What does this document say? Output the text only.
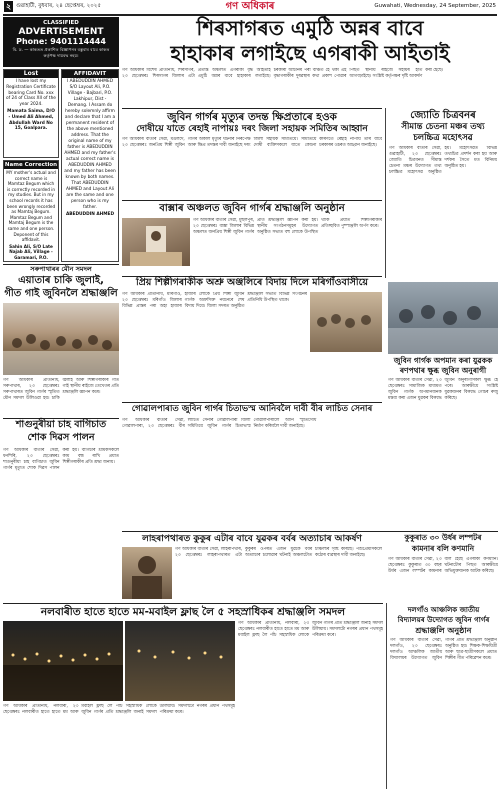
২ গুৱাহাটী, বুধবাৰ, ২৪ ছেপ্তেম্বৰ, ২০২৫	গণ অধিকাৰ	Guwahati, Wednesday, 24 September, 2025
CLASSIFIED
ADVERTISEMENT
Phone: 9401114444
বি. দ্ৰ. — কাকতত প্ৰকাশিত বিজ্ঞাপনৰ বস্তুবাৰ বাবে কাকত কৰ্তৃপক্ষ দায়বদ্ধ নহয়।
Lost
I have lost my Registration Certificate bearing Card No. xxx of 24 of Class XII of the year 2024.
Mamata Saima, D/O - Umed Ali Ahmed, Abdullah Ward No 15, Goalpara.
Name Correction
MY mother's actual and correct name is Mamtaz Begum which is correctly recorded in my studies. But in my school records it has been wrongly recorded as Mamtaj Begum. Mamtaz Begum and Mamtaj Begum is the same and one person. Deponent of this affidavit.
Sahin Ali, S/O Late Najab Ali, Village - Garamari, P.O.
AFFIDAVIT
I ABEDUDDIN AHMED S/O Layout Ali, P.O. Village - Bajbari, P.O. Lakhipur, Dist - Demang. I Assam do hereby solemnly affirm and declare that I am a permanent resident of the above mentioned address. That the original name of my father is ABEDUDDIN AHMED and my father's actual correct name is ABEDUDDIN AHMED and my father has been known by both names. That ABEDUDDIN AHMED and Layout Ali are the same and one person who is my father.
ABEDUDDIN AHMED
সৰুপাথাৰৰ মৌন সমদল
এয়াতাৰ চাকি জুলাই,
গীত গাই জুবিনলৈ শ্ৰদ্ধাঞ্জলি
গণ অধিকাৰ প্ৰতিনিধি, সৰুপাথাৰ, ২৩ ছেপ্তেম্বৰঃ সৰুপাথাৰত জুবিন গাৰ্গৰ স্মৃতিত মৌন সমদল উলিওৱা হয়। চাকি জ্বলাই আৰু শিল্পীগৰাকীৰ গীত গাই স্থানীয় ৰাইজে তেখেতৰ প্ৰতি শ্ৰদ্ধাঞ্জলি জ্ঞাপন কৰে।
শিৰসাগৰত এমুঠি অন্নৰ বাবে
হাহাকাৰ লগাইছে এগৰাকী আইতাই
গণ অধিকাৰ বিশেষ প্ৰতিনিধি, শিৰসাগৰ, ২৩ ছেপ্তেম্বৰঃ শিৰসাগৰ জিলাৰ এটা প্ৰত্যন্ত অঞ্চলত এগৰাকী বৃদ্ধ আইতাই এমুঠি অন্নৰ বাবে হাহাকাৰ লগাইছে। চৰকাৰী আঁচনিৰ পৰা বঞ্চিত হৈ থকা এই বৃদ্ধাগৰাকীৰ দুৰৱস্থাৰ কথা প্ৰকাশ পোৱাৰ পিছত স্থানীয় ৰাইজে সহায়ৰ হাত আগবঢ়াইছে। সংশ্লিষ্ট কৰ্তৃপক্ষৰ দৃষ্টি আকৰ্ষণ কৰা হৈছে।
জুবিন গাৰ্গৰ মৃত্যুৰ তদন্ত ক্ষিপ্ৰতাৰে হওক
দোষীয়ে যাতে ৰেহাই নাপায়ঃ দৰং জিলা সহায়ক সমিতিৰ আহ্বান
গণ অধিকাৰ বাতৰি সেৱা, মঙলদৈ, ২৩ ছেপ্তেম্বৰঃ জনপ্ৰিয় শিল্পী জুবিন গাৰ্গৰ অকাল মৃত্যুৰ ঘটনাৰ নিৰপেক্ষ আৰু ক্ষিপ্ৰ তদন্তৰ দাবী জনাইছে দৰং জিলা সহায়ক সমিতিয়ে। সমিতিয়ে দোষী ব্যক্তিসকলে যাতে কোনো কাৰণতে ৰেহাই নাপায় তাৰ বাবে চৰকাৰৰ ওচৰত আহ্বান জনাইছে।
জ্যোতি চিত্ৰবনৰ
সীমান্ত চেতনা মঞ্চৰ তথ্য
চলচ্চিত্ৰ মহোৎসৱ
গণ অধিকাৰ বাতৰি সেৱা, গুৱাহাটী, ২৩ ছেপ্তেম্বৰঃ জ্যোতি চিত্ৰবনত সীমান্ত চেতনা মঞ্চৰ উদ্যোগত তথ্য চলচ্চিত্ৰ মহোৎসৱ অনুষ্ঠিত হয়। মহোৎসৱত বিভিন্ন তথ্যচিত্ৰ প্ৰদৰ্শন কৰা হয় আৰু দৰ্শকৰ সৈতে মত বিনিময় অনুষ্ঠিত হয়।
বাক্সাৰ অঞ্চলত জুবিন গাৰ্গৰ শ্ৰদ্ধাঞ্জলি অনুষ্ঠান
গণ অধিকাৰ বাতৰি সেৱা, মুছলপুৰ, ২৩ ছেপ্তেম্বৰঃ বাক্সা জিলাৰ বিভিন্ন অঞ্চলত জনপ্ৰিয় শিল্পী জুবিন গাৰ্গৰ প্ৰতি শ্ৰদ্ধাঞ্জলি জ্ঞাপন কৰা হয়। স্থানীয় সংগঠনসমূহৰ উদ্যোগত অনুষ্ঠিত সভাত বহু লোকে উপস্থিত থাকি প্ৰয়াত শিল্পীগৰাকীৰ প্ৰতিচ্ছবিত পুষ্পাঞ্জলি অৰ্পণ কৰে।
প্ৰিয় শিল্পীগৰাকীক অশ্ৰু অঞ্জলিৰে বিদায় দিলে মৰিগাঁওবাসীয়ে
গণ অধিকাৰ প্ৰতিনিধি, মৰিগাঁও, ২৩ ছেপ্তেম্বৰঃ মৰিগাঁও জিলাৰ বিভিন্ন প্ৰান্তৰ পৰা অহা হাজাৰ হাজাৰ লোকে প্ৰিয় শিল্পী জুবিন গাৰ্গক অশ্ৰুসিক্ত নয়নেৰে শেষ বিদায় দিয়ে। জিলা সদৰত অনুষ্ঠিত শ্ৰদ্ধাঞ্জলি সভাত বিভিন্ন সংগঠনৰ প্ৰতিনিধি উপস্থিত থাকে।
জুবিন গাৰ্গক অপমান কৰা যুৱকক
ৰণপথাৰ ক্ষুব্ধ জুবিন অনুৰাগী
গণ অধিকাৰ বাতৰি সেৱা, ২৩ ছেপ্তেম্বৰঃ সামাজিক মাধ্যমত জুবিন গাৰ্গক অপমানজনক মন্তব্য কৰা এজন যুৱকৰ বিৰুদ্ধে জুবিন অনুৰাগীসকল ক্ষুব্ধ হৈ পৰে। আৰক্ষীয়ে সংশ্লিষ্ট যুৱকজনৰ বিৰুদ্ধে গোচৰ ৰুজু কৰিছে।
শাগুনুৰীয়া চাহ বাগিচাত
শোক দিৱস পালন
গণ অধিকাৰ বাতৰি সেৱা, ধনশিৰি, ২৩ ছেপ্তেম্বৰঃ শাগুনুৰীয়া চাহ বাগিচাত জুবিন গাৰ্গৰ মৃত্যুত শোক দিৱস পালন কৰা হয়। বাগিচাৰ শ্ৰমিকসকলে কাম বন্ধ ৰাখি প্ৰয়াত শিল্পীগৰাকীৰ প্ৰতি শ্ৰদ্ধা জনায়।
গোৱালপাৰাত জুবিন গাৰ্গৰ চিতাভস্ম আনিবলৈ দাবী বীৰ লাচিত সেনাৰ
গণ অধিকাৰ বাতৰি সেৱা, গোৱালপাৰা, ২৩ ছেপ্তেম্বৰঃ বীৰ লাচিত সেনাৰ গোৱালপাৰা জিলা সমিতিয়ে জুবিন গাৰ্গৰ চিতাভস্ম গোৱালপাৰালৈ আনি স্মৃতিসৌধ নিৰ্মাণ কৰিবলৈ দাবী জনাইছে।
লাহৰাপথাৰত কুকুৰ এটাৰ বাবে যুৱকৰ বৰ্বৰ অত্যাচাৰ আকৰ্ষণ
গণ অধিকাৰ বাতৰি সেৱা, লাহৰাপথাৰ, ২৩ ছেপ্তেম্বৰঃ লাহৰাপথাৰত এটা কুকুৰৰ ওপৰত এজন যুৱকে বৰ্বৰ অত্যাচাৰ চলোৱাৰ ঘটনাই অঞ্চলটোত চাঞ্চল্যৰ সৃষ্টি কৰিছে। পশুপ্ৰেমীসকলে কঠোৰ ব্যৱস্থাৰ দাবী জনাইছে।
কুকুৰাত ৩০ উৰ্ধৰ লম্পটৰ
কামনাৰ বলি কণমানি
গণ অধিকাৰ বাতৰি সেৱা, ২৩ ছেপ্তেম্বৰঃ কুকুৰাত ৩০ বছৰ উৰ্ধৰ এজন লম্পটৰ কামনাৰ বলি হৈছে এগৰাকী কণমানি। ঘটনাটোৰ পিছত আৰক্ষীয়ে অভিযুক্তজনক আটক কৰিছে।
নলবাৰীত হাতে হাতে মম-মবাইল ফ্লাছ লৈ ৫ সহস্ৰাধিকৰ শ্ৰদ্ধাঞ্জলি সমদল
গণ অধিকাৰ প্ৰতিনিধি, নলবাৰী, ২৩ ছেপ্তেম্বৰঃ নলবাৰীত হাতে হাতে মম আৰু মবাইল ফ্লাছ লৈ পাঁচ সহস্ৰাধিক লোকে জুবিন গাৰ্গৰ প্ৰতি শ্ৰদ্ধাঞ্জলি জনাই সমদল উলিয়ায়। সমদলটো নগৰৰ প্ৰধান পথসমূহ পৰিক্ৰমা কৰে।
গণ অধিকাৰ প্ৰতিনিধি, নলবাৰী, ২৩ ছেপ্তেম্বৰঃ নলবাৰীত হাতে হাতে মম আৰু মবাইল ফ্লাছ লৈ পাঁচ সহস্ৰাধিক লোকে জুবিন গাৰ্গৰ প্ৰতি শ্ৰদ্ধাঞ্জলি জনাই সমদল উলিয়ায়। সমদলটো নগৰৰ প্ৰধান পথসমূহ পৰিক্ৰমা কৰে।
দলগাঁও আঞ্চলিক জাতীয়
বিদ্যালয়ৰ উদ্যোগত জুবিন গাৰ্গৰ
শ্ৰদ্ধাঞ্জলি অনুষ্ঠান
গণ অধিকাৰ বাতৰি সেৱা, দলগাঁও, ২৩ ছেপ্তেম্বৰঃ দলগাঁও আঞ্চলিক জাতীয় বিদ্যালয়ৰ উদ্যোগত জুবিন গাৰ্গৰ প্ৰতি শ্ৰদ্ধাঞ্জলি অনুষ্ঠান অনুষ্ঠিত হয়। শিক্ষক-শিক্ষয়িত্ৰী আৰু ছাত্ৰ-ছাত্ৰীসকলে প্ৰয়াত শিল্পীৰ গীত পৰিৱেশন কৰে।
